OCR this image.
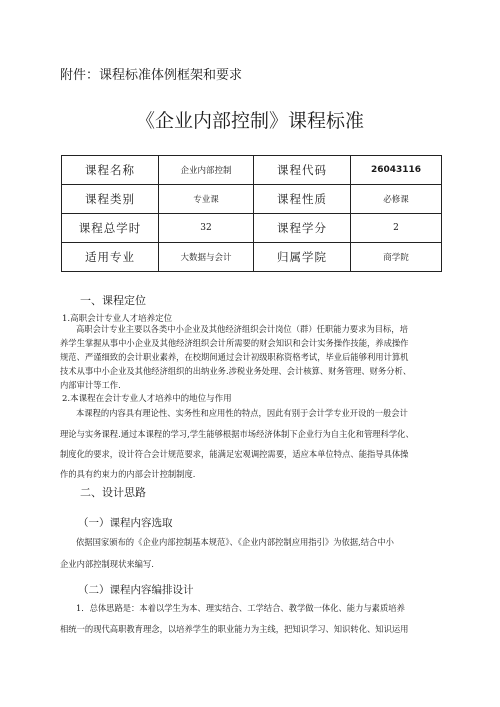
附件：课程标准体例框架和要求
《企业内部控制》课程标准
课程名称	企业内部控制	课程代码	26043116
课程类别	专业课	课程性质	必修课
课程总学时	32	课程学分	2
适用专业	大数据与会计	归属学院	商学院
一、课程定位
1.高职会计专业人才培养定位
高职会计专业主要以各类中小企业及其他经济组织会计岗位（群）任职能力要求为目标，培
养学生掌握从事中小企业及其他经济组织会计所需要的财会知识和会计实务操作技能，养成操作
规范、严谨细致的会计职业素养，在校期间通过会计初级职称资格考试，毕业后能够利用计算机
技术从事中小企业及其他经济组织的出纳业务.涉税业务处理、会计核算、财务管理、财务分析、
内部审计等工作.
2.本课程在会计专业人才培养中的地位与作用
本课程的内容具有理论性、实务性和应用性的特点，因此有别于会计学专业开设的一般会计
理论与实务课程.通过本课程的学习,学生能够根据市场经济体制下企业行为自主化和管理科学化、
制度化的要求，设计符合会计规范要求，能满足宏观调控需要，适应本单位特点、能指导具体操
作的具有约束力的内部会计控制制度.
二、设计思路
（一）课程内容选取
依据国家颁布的《企业内部控制基本规范》、《企业内部控制应用指引》为依据,结合中小
企业内部控制现状来编写.
（二）课程内容编排设计
1．总体思路是：本着以学生为本、理实结合、工学结合、教学做一体化、能力与素质培养
相统一的现代高职教育理念，以培养学生的职业能力为主线，把知识学习、知识转化、知识运用
